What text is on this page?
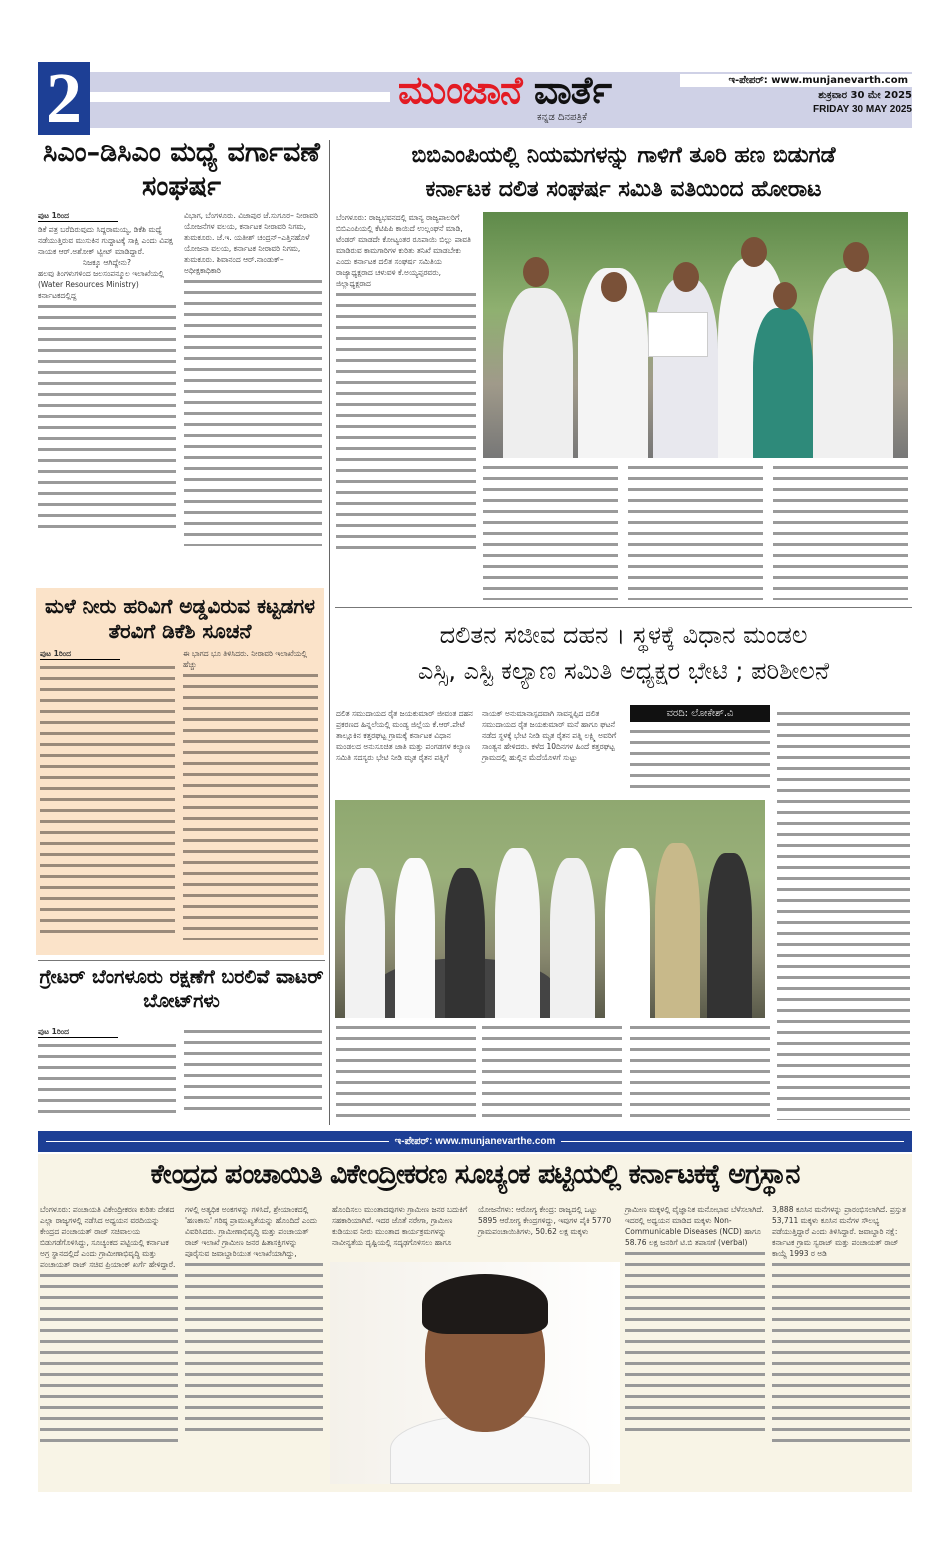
2	ಮುಂಜಾನೆ ವಾರ್ತೆ
ಕನ್ನಡ ದಿನಪತ್ರಿಕೆ
ಇ-ಪೇಪರ್: www.munjanevarth.com
ಶುಕ್ರವಾರ 30 ಮೇ 2025
FRIDAY 30 MAY 2025
ಸಿಎಂ–ಡಿಸಿಎಂ ಮಧ್ಯೆ ವರ್ಗಾವಣೆ ಸಂಘರ್ಷ
ಪುಟ 1ರಿಂದ
ಡಿಕೆ ಪತ್ರ ಬರೆದಿರುವುದು ಸಿದ್ದರಾಮಯ್ಯ, ಡಿಕೆಶಿ ಮಧ್ಯೆ ನಡೆಯುತ್ತಿರುವ ಮುಸುಕಿನ ಗುದ್ದಾಟಕ್ಕೆ ಸಾಕ್ಷಿ ಎಂದು ವಿಪಕ್ಷ ನಾಯಕ ಆರ್.ಅಶೋಕ್ ಟ್ವೀಟ್ ಮಾಡಿದ್ದಾರೆ.
ನಿಜಕ್ಕೂ ಆಗಿದ್ದೇನು?
ಹಲವು ತಿಂಗಳುಗಳಿಂದ ಜಲಸಂಪನ್ಮೂಲ ಇಲಾಖೆಯಲ್ಲಿ (Water Resources Ministry) ಕರ್ನಾಟಕದಲ್ಲಿದ್ದ
ವಿಭಾಗ, ಬೆಂಗಳೂರು. ವಿಜಾಪುರ ಜೆ.ಸುಗೂರ– ನೀರಾವರಿ ಯೋಜನೆಗಳ ವಲಯ, ಕರ್ನಾಟಕ ನೀರಾವರಿ ನಿಗಮ, ತುಮಕೂರು. ಜೆ.ಇ. ಯತೀಶ್ ಚಂದ್ರನ್–ಎತ್ತಿನಹೊಳೆ ಯೋಜನಾ ವಲಯ, ಕರ್ನಾಟಕ ನೀರಾವರಿ ನಿಗಮ, ತುಮಕೂರು. ಶಿವಾನಂದ ಆರ್.ನಾಂಡುಕ್– ಅಧೀಕ್ಷಕಾಧಿಕಾರಿ
ಮಳೆ ನೀರು ಹರಿವಿಗೆ ಅಡ್ಡವಿರುವ ಕಟ್ಟಡಗಳ ತೆರವಿಗೆ ಡಿಕೆಶಿ ಸೂಚನೆ
ಪುಟ 1ರಿಂದ	ಈ ಭಾಗದ ಭೂ ತಿಳಿಸಿದರು. ನೀರಾವರಿ ಇಲಾಖೆಯಲ್ಲಿ ಹೆಚ್ಚು
ಗ್ರೇಟರ್ ಬೆಂಗಳೂರು ರಕ್ಷಣೆಗೆ ಬರಲಿವೆ ವಾಟರ್ ಬೋಟ್‌ಗಳು
ಪುಟ 1ರಿಂದ
ಬಿಬಿಎಂಪಿಯಲ್ಲಿ ನಿಯಮಗಳನ್ನು ಗಾಳಿಗೆ ತೂರಿ ಹಣ ಬಿಡುಗಡೆ
ಕರ್ನಾಟಕ ದಲಿತ ಸಂಘರ್ಷ ಸಮಿತಿ ವತಿಯಿಂದ ಹೋರಾಟ
ಬೆಂಗಳೂರು: ರಾಜ್ಯಭವನದಲ್ಲಿ ಮಾನ್ಯ ರಾಜ್ಯಪಾಲರಿಗೆ ಬಿಬಿಎಂಪಿಯಲ್ಲಿ ಕೆಟಿಪಿಪಿ ಕಾಯಿದೆ ಉಲ್ಲಂಘನೆ ಮಾಡಿ, ಟೆಂಡರ್ ಮಾಡದೇ ಕೋಟ್ಯಂತರ ರೂಪಾಯಿ ಬಿಲ್ಲು ಪಾವತಿ ಮಾಡಿರುವ ಕಾಮಗಾರಿಗಳ ಕುರಿತು ತನಿಖೆ ಮಾಡಬೇಕು ಎಂದು ಕರ್ನಾಟಕ ದಲಿತ ಸಂಘರ್ಷ ಸಮಿತಿಯ ರಾಜ್ಯಾಧ್ಯಕ್ಷರಾದ ಚಳುವಳಿ ಕೆ.ಅಯ್ಯಪ್ಪರವರು, ಜಿಲ್ಲಾಧ್ಯಕ್ಷರಾದ
ದಲಿತನ ಸಜೀವ ದಹನ । ಸ್ಥಳಕ್ಕೆ ವಿಧಾನ ಮಂಡಲ
ಎಸ್ಸಿ, ಎಸ್ಟಿ ಕಲ್ಯಾಣ ಸಮಿತಿ ಅಧ್ಯಕ್ಷರ ಭೇಟಿ ; ಪರಿಶೀಲನೆ
ದಲಿತ ಸಮುದಾಯದ ರೈತ ಜಯಕುಮಾರ್ ಜೀವಂತ ದಹನ ಪ್ರಕರಣದ ಹಿನ್ನಲೆಯಲ್ಲಿ ಮಂಡ್ಯ ಜಿಲ್ಲೆಯ ಕೆ.ಆರ್.ಪೇಟೆ ತಾಲ್ಲೂಕಿನ ಕತ್ತರಘಟ್ಟ ಗ್ರಾಮಕ್ಕೆ ಕರ್ನಾಟಕ ವಿಧಾನ ಮಂಡಲದ ಅನುಸೂಚಿತ ಜಾತಿ ಮತ್ತು ಪಂಗಡಗಳ ಕಲ್ಯಾಣ ಸಮಿತಿ ಸದಸ್ಯರು ಭೇಟಿ ನೀಡಿ ಮೃತ ರೈತನ ಪತ್ನಿಗೆ
ನಾಯಕ್ ಅನುಮಾನಾಸ್ಪದವಾಗಿ ಸಾವನ್ನಪ್ಪಿದ ದಲಿತ ಸಮುದಾಯದ ರೈತ ಜಯಕುಮಾರ್ ಮನೆ ಹಾಗೂ ಘಟನೆ ನಡೆದ ಸ್ಥಳಕ್ಕೆ ಭೇಟಿ ನೀಡಿ ಮೃತ ರೈತನ ಪತ್ನಿ ಲಕ್ಷ್ಮಿ ಅವರಿಗೆ ಸಾಂತ್ವನ ಹೇಳಿದರು. ಕಳೆದ 10ದಿನಗಳ ಹಿಂದೆ ಕತ್ತರಘಟ್ಟ ಗ್ರಾಮದಲ್ಲಿ ಹುಲ್ಲಿನ ಮೆದೆಯೊಳಗೆ ಸುಟ್ಟು
ವರದಿ: ಲೋಕೇಶ್.ವಿ
ಇ-ಪೇಪರ್: www.munjanevarthe.com
ಕೇಂದ್ರದ ಪಂಚಾಯಿತಿ ವಿಕೇಂದ್ರೀಕರಣ ಸೂಚ್ಯಂಕ ಪಟ್ಟಿಯಲ್ಲಿ ಕರ್ನಾಟಕಕ್ಕೆ ಅಗ್ರಸ್ಥಾನ
ಬೆಂಗಳೂರು: ಪಂಚಾಯತಿ ವಿಕೇಂದ್ರೀಕರಣ ಕುರಿತು ದೇಶದ ಎಲ್ಲಾ ರಾಜ್ಯಗಳಲ್ಲಿ ನಡೆಸಿದ ಅಧ್ಯಯನ ವರದಿಯನ್ನು ಕೇಂದ್ರದ ಪಂಚಾಯತ್ ರಾಜ್ ಸಚಿವಾಲಯ ಬಿಡುಗಡೆಗೊಳಿಸಿದ್ದು, ಸೂಚ್ಯಂಕದ ಪಟ್ಟಿಯಲ್ಲಿ ಕರ್ನಾಟಕ ಅಗ್ರ ಸ್ಥಾನದಲ್ಲಿದೆ ಎಂದು ಗ್ರಾಮೀಣಾಭಿವೃದ್ಧಿ ಮತ್ತು ಪಂಚಾಯತ್ ರಾಜ್ ಸಚಿವ ಪ್ರಿಯಾಂಕ್ ಖರ್ಗೆ ಹೇಳಿದ್ದಾರೆ.
ಗಳಲ್ಲಿ ಅತ್ಯಧಿಕ ಅಂಕಗಳನ್ನು ಗಳಿಸಿದೆ, ಶ್ರೇಯಾಂಕದಲ್ಲಿ 'ಹಣಕಾಸು' ಗರಿಷ್ಠ ಪ್ರಾಮುಖ್ಯತೆಯನ್ನು ಹೊಂದಿದೆ ಎಂದು ವಿವರಿಸಿದರು. ಗ್ರಾಮೀಣಾಭಿವೃದ್ಧಿ ಮತ್ತು ಪಂಚಾಯತ್ ರಾಜ್ ಇಲಾಖೆ ಗ್ರಾಮೀಣ ಜನರ ಹಿತಾಸಕ್ತಿಗಳನ್ನು ಪೂರೈಸುವ ಜವಾಬ್ದಾರಿಯುತ ಇಲಾಖೆಯಾಗಿದ್ದು,
ಹೊಂದಿಸಲು ಮುಂತಾದವುಗಳು ಗ್ರಾಮೀಣ ಜನರ ಬದುಕಿಗೆ ಸಹಕಾರಿಯಾಗಿವೆ. ಇದರ ಜೊತೆ ನರೇಗಾ, ಗ್ರಾಮೀಣ ಕುಡಿಯುವ ನೀರು ಮುಂತಾದ ಕಾರ್ಯಕ್ರಮಗಳನ್ನು ನಾವೀನ್ಯತೆಯ ದೃಷ್ಟಿಯಲ್ಲಿ ಸದೃಢಗೊಳಿಸಲು ಹಾಗೂ
ಯೋಜನೆಗಳು: ಆರೋಗ್ಯ ಕೇಂದ್ರ: ರಾಜ್ಯದಲ್ಲಿ ಒಟ್ಟು 5895 ಆರೋಗ್ಯ ಕೇಂದ್ರಗಳಿದ್ದು, ಇವುಗಳ ಪೈಕಿ 5770 ಗ್ರಾಮಪಂಚಾಯಿತಿಗಳು, 50.62 ಲಕ್ಷ ಮಕ್ಕಳು
ಗ್ರಾಮೀಣ ಮಕ್ಕಳಲ್ಲಿ ವೈಜ್ಞಾನಿಕ ಮನೋಭಾವ ಬೆಳೆಸಲಾಗಿದೆ. ಇದರಲ್ಲಿ ಅಧ್ಯಯನ ಮಾಡಿದ ಮಕ್ಕಳು Non-Communicable Diseases (NCD) ಹಾಗೂ 58.76 ಲಕ್ಷ ಜನರಿಗೆ ಟಿ.ಬಿ ತಪಾಸಣೆ (verbal)
3,888 ಕೂಸಿನ ಮನೆಗಳನ್ನು ಪ್ರಾರಂಭಿಸಲಾಗಿದೆ. ಪ್ರಸ್ತುತ 53,711 ಮಕ್ಕಳು ಕೂಸಿನ ಮನೆಗಳ ಸೌಲಭ್ಯ ಪಡೆಯುತ್ತಿದ್ದಾರೆ ಎಂದು ತಿಳಿಸಿದ್ದಾರೆ. ಜವಾಬ್ದಾರಿ ನಕ್ಷೆ: ಕರ್ನಾಟಕ ಗ್ರಾಮ ಸ್ವರಾಜ್ ಮತ್ತು ಪಂಚಾಯತ್ ರಾಜ್ ಕಾಯ್ದೆ 1993 ರ ಅಡಿ
